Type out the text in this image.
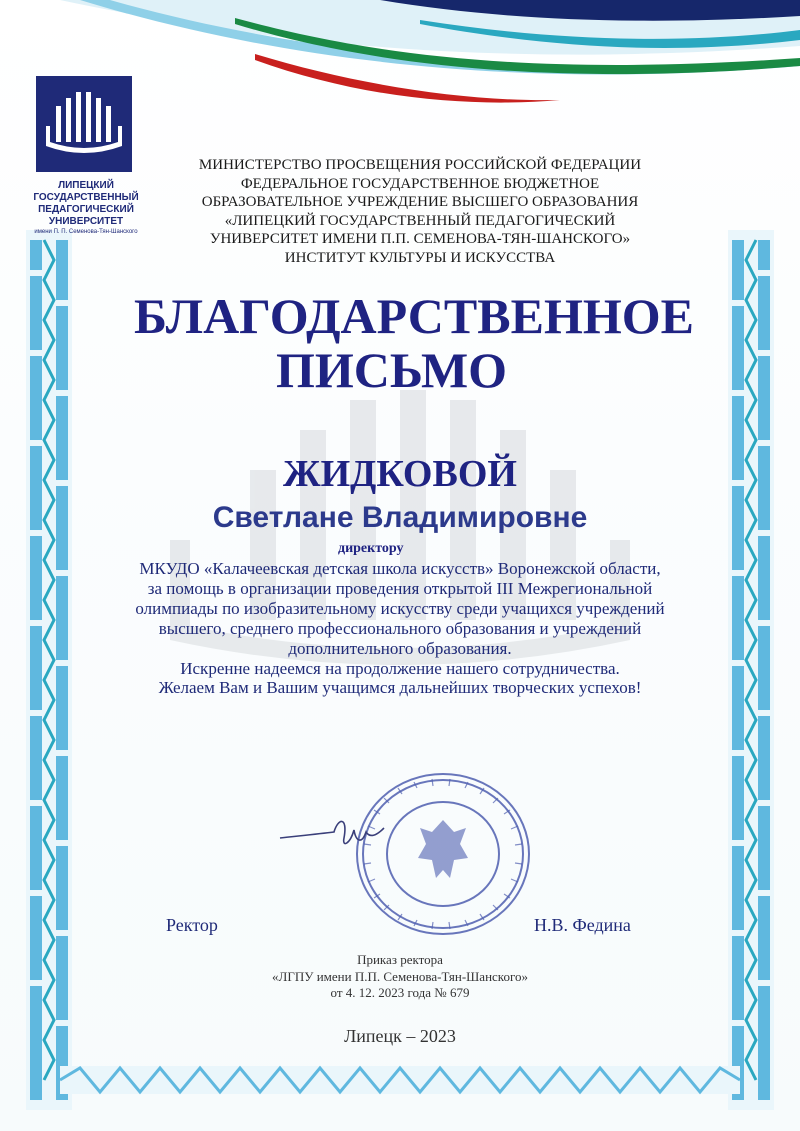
ЛИПЕЦКИЙ
ГОСУДАРСТВЕННЫЙ
ПЕДАГОГИЧЕСКИЙ
УНИВЕРСИТЕТ
имени П. П. Семенова-Тян-Шанского
МИНИСТЕРСТВО ПРОСВЕЩЕНИЯ РОССИЙСКОЙ ФЕДЕРАЦИИ
ФЕДЕРАЛЬНОЕ ГОСУДАРСТВЕННОЕ БЮДЖЕТНОЕ
ОБРАЗОВАТЕЛЬНОЕ УЧРЕЖДЕНИЕ ВЫСШЕГО ОБРАЗОВАНИЯ
«ЛИПЕЦКИЙ ГОСУДАРСТВЕННЫЙ ПЕДАГОГИЧЕСКИЙ
УНИВЕРСИТЕТ ИМЕНИ П.П. СЕМЕНОВА-ТЯН-ШАНСКОГО»
ИНСТИТУТ КУЛЬТУРЫ И ИСКУССТВА
БЛАГОДАРСТВЕННОЕ
ПИСЬМО
ЖИДКОВОЙ
Светлане Владимировне
директору
МКУДО «Калачеевская детская школа искусств» Воронежской области,
за помощь в организации проведения открытой III Межрегиональной
олимпиады по изобразительному искусству среди учащихся учреждений
высшего, среднего профессионального образования и учреждений
дополнительного образования.
Искренне надеемся на продолжение нашего сотрудничества.
Желаем Вам и Вашим учащимся дальнейших творческих успехов!
Ректор	Н.В. Федина
Приказ ректора
«ЛГПУ имени П.П. Семенова-Тян-Шанского»
от 4. 12. 2023 года № 679
Липецк – 2023
